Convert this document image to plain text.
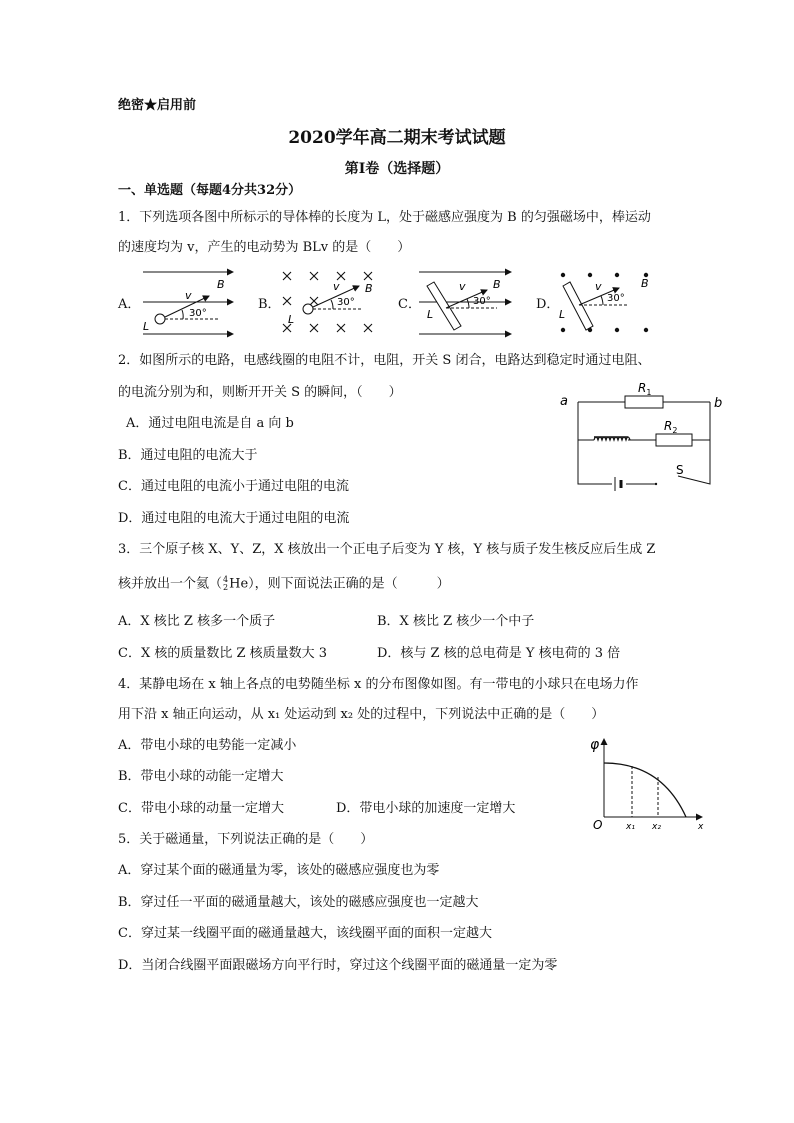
绝密★启用前
2020学年高二期末考试试题
第I卷（选择题）
一、单选题（每题4分共32分）
1．下列选项各图中所标示的导体棒的长度为 L，处于磁感应强度为 B 的匀强磁场中，棒运动
的速度均为 v，产生的电动势为 BLv 的是（　　）
A．	B．	C．	D．
B
v
L
30°
B
v
L
30°
B
v
L
30°
B
v
L
30°
2．如图所示的电路，电感线圈的电阻不计，电阻，开关 S 闭合，电路达到稳定时通过电阻、
的电流分别为和，则断开开关 S 的瞬间，（　　）
A．通过电阻电流是自 a 向 b
B．通过电阻的电流大于
C．通过电阻的电流小于通过电阻的电流
D．通过电阻的电流大于通过电阻的电流
a	b
$R_1$
$R_2$
S
3．三个原子核 X、Y、Z，X 核放出一个正电子后变为 Y 核，Y 核与质子发生核反应后生成 Z
核并放出一个氦（ 4
2 He），则下面说法正确的是（　　　）
A．X 核比 Z 核多一个质子	B．X 核比 Z 核少一个中子
C．X 核的质量数比 Z 核质量数大 3	D．核与 Z 核的总电荷是 Y 核电荷的 3 倍
4．某静电场在 x 轴上各点的电势随坐标 x 的分布图像如图。有一带电的小球只在电场力作
用下沿 x 轴正向运动，从 x₁ 处运动到 x₂ 处的过程中，下列说法中正确的是（　　）
A．带电小球的电势能一定减小
B．带电小球的动能一定增大
C．带电小球的动量一定增大	D．带电小球的加速度一定增大
φ
O	x₁ x₂	x
5．关于磁通量，下列说法正确的是（　　）
A．穿过某个面的磁通量为零，该处的磁感应强度也为零
B．穿过任一平面的磁通量越大，该处的磁感应强度也一定越大
C．穿过某一线圈平面的磁通量越大，该线圈平面的面积一定越大
D．当闭合线圈平面跟磁场方向平行时，穿过这个线圈平面的磁通量一定为零
